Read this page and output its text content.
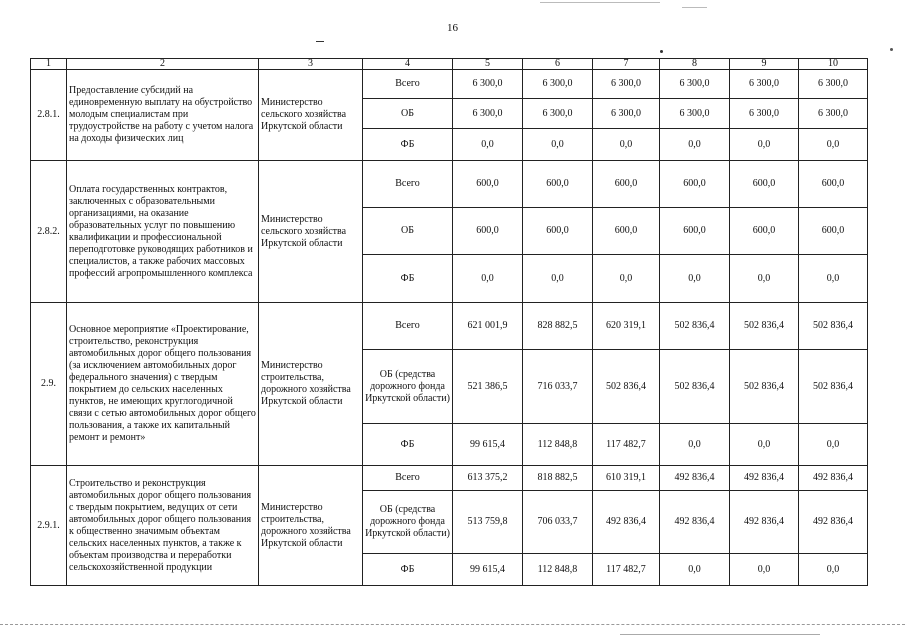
16
1	2	3	4	5	6	7	8	9	10
2.8.1.	Предоставление субсидий на единовременную выплату на обустройство молодым специалистам при трудоустройстве на работу с учетом налога на доходы физических лиц	Министерство сельского хозяйства Иркутской области	Всего	6 300,0	6 300,0	6 300,0	6 300,0	6 300,0	6 300,0
			ОБ	6 300,0	6 300,0	6 300,0	6 300,0	6 300,0	6 300,0
			ФБ	0,0	0,0	0,0	0,0	0,0	0,0
2.8.2.	Оплата государственных контрактов, заключенных с образовательными организациями, на оказание образовательных услуг по повышению квалификации и профессиональной переподготовке руководящих работников и специалистов, а также рабочих массовых профессий агропромышленного комплекса	Министерство сельского хозяйства Иркутской области	Всего	600,0	600,0	600,0	600,0	600,0	600,0
			ОБ	600,0	600,0	600,0	600,0	600,0	600,0
			ФБ	0,0	0,0	0,0	0,0	0,0	0,0
2.9.	Основное мероприятие «Проектирование, строительство, реконструкция автомобильных дорог общего пользования (за исключением автомобильных дорог федерального значения) с твердым покрытием до сельских населенных пунктов, не имеющих круглогодичной связи с сетью автомобильных дорог общего пользования, а также их капитальный ремонт и ремонт»	Министерство строительства, дорожного хозяйства Иркутской области	Всего	621 001,9	828 882,5	620 319,1	502 836,4	502 836,4	502 836,4
			ОБ (средства дорожного фонда Иркутской области)	521 386,5	716 033,7	502 836,4	502 836,4	502 836,4	502 836,4
			ФБ	99 615,4	112 848,8	117 482,7	0,0	0,0	0,0
2.9.1.	Строительство и реконструкция автомобильных дорог общего пользования с твердым покрытием, ведущих от сети автомобильных дорог общего пользования к общественно значимым объектам сельских населенных пунктов, а также к объектам производства и переработки сельскохозяйственной продукции	Министерство строительства, дорожного хозяйства Иркутской области	Всего	613 375,2	818 882,5	610 319,1	492 836,4	492 836,4	492 836,4
			ОБ (средства дорожного фонда Иркутской области)	513 759,8	706 033,7	492 836,4	492 836,4	492 836,4	492 836,4
			ФБ	99 615,4	112 848,8	117 482,7	0,0	0,0	0,0
